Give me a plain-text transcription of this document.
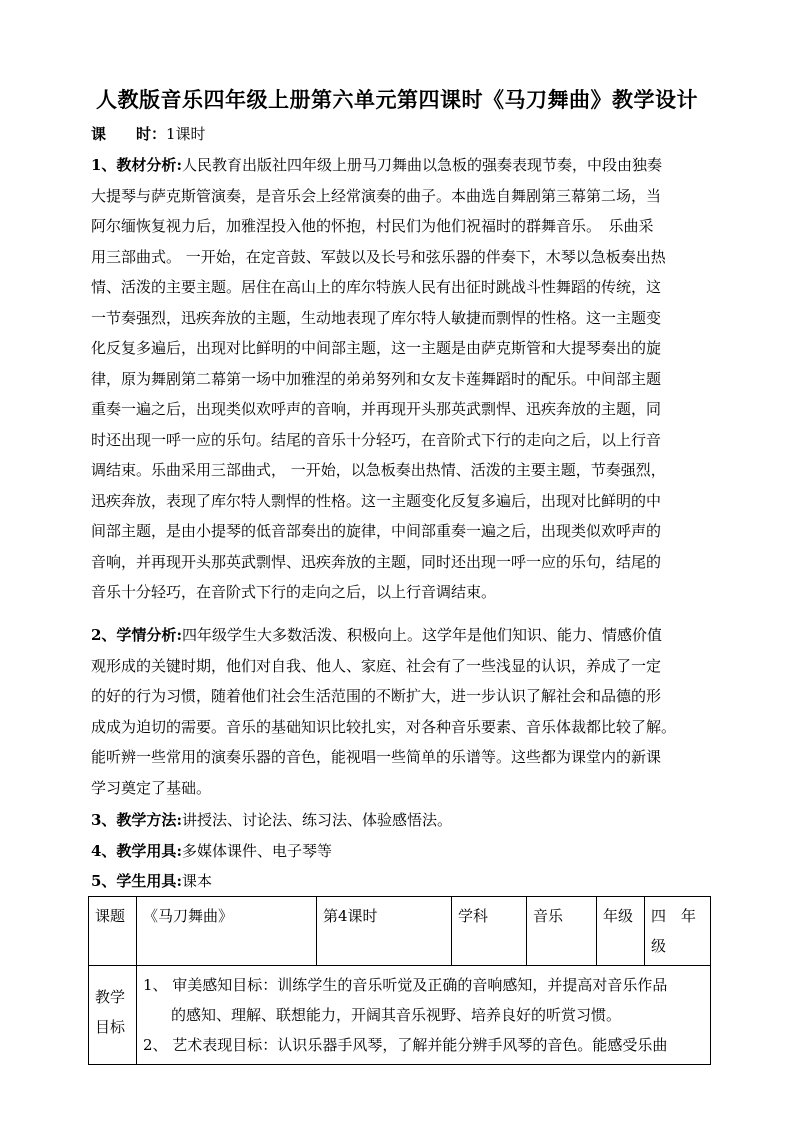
人教版音乐四年级上册第六单元第四课时《马刀舞曲》教学设计
课　　时：1课时
1、教材分析:人民教育出版社四年级上册马刀舞曲以急板的强奏表现节奏，中段由独奏
大提琴与萨克斯管演奏，是音乐会上经常演奏的曲子。本曲选自舞剧第三幕第二场，当
阿尔缅恢复视力后，加雅涅投入他的怀抱，村民们为他们祝福时的群舞音乐。　乐曲采
用三部曲式。 一开始，在定音鼓、军鼓以及长号和弦乐器的伴奏下，木琴以急板奏出热
情、活泼的主要主题。居住在高山上的库尔特族人民有出征时跳战斗性舞蹈的传统，这
一节奏强烈，迅疾奔放的主题，生动地表现了库尔特人敏捷而剽悍的性格。这一主题变
化反复多遍后，出现对比鲜明的中间部主题，这一主题是由萨克斯管和大提琴奏出的旋
律，原为舞剧第二幕第一场中加雅涅的弟弟努列和女友卡莲舞蹈时的配乐。中间部主题
重奏一遍之后，出现类似欢呼声的音响，并再现开头那英武剽悍、迅疾奔放的主题，同
时还出现一呼一应的乐句。结尾的音乐十分轻巧，在音阶式下行的走向之后，以上行音
调结束。乐曲采用三部曲式， 一开始，以急板奏出热情、活泼的主要主题，节奏强烈，
迅疾奔放，表现了库尔特人剽悍的性格。这一主题变化反复多遍后，出现对比鲜明的中
间部主题，是由小提琴的低音部奏出的旋律，中间部重奏一遍之后，出现类似欢呼声的
音响，并再现开头那英武剽悍、迅疾奔放的主题，同时还出现一呼一应的乐句，结尾的
音乐十分轻巧，在音阶式下行的走向之后，以上行音调结束。
2、学情分析:四年级学生大多数活泼、积极向上。这学年是他们知识、能力、情感价值
观形成的关键时期，他们对自我、他人、家庭、社会有了一些浅显的认识，养成了一定
的好的行为习惯，随着他们社会生活范围的不断扩大，进一步认识了解社会和品德的形
成成为迫切的需要。音乐的基础知识比较扎实，对各种音乐要素、音乐体裁都比较了解。
能听辨一些常用的演奏乐器的音色，能视唱一些简单的乐谱等。这些都为课堂内的新课
学习奠定了基础。
3、教学方法:讲授法、讨论法、练习法、体验感悟法。
4、教学用具:多媒体课件、电子琴等
5、学生用具:课本
课题	《马刀舞曲》	第4课时	学科	音乐	年级	四　年
级

教学
目标	1、 审美感知目标：训练学生的音乐听觉及正确的音响感知，并提高对音乐作品
的感知、理解、联想能力，开阔其音乐视野、培养良好的听赏习惯。
2、 艺术表现目标：认识乐器手风琴，了解并能分辨手风琴的音色。能感受乐曲					
